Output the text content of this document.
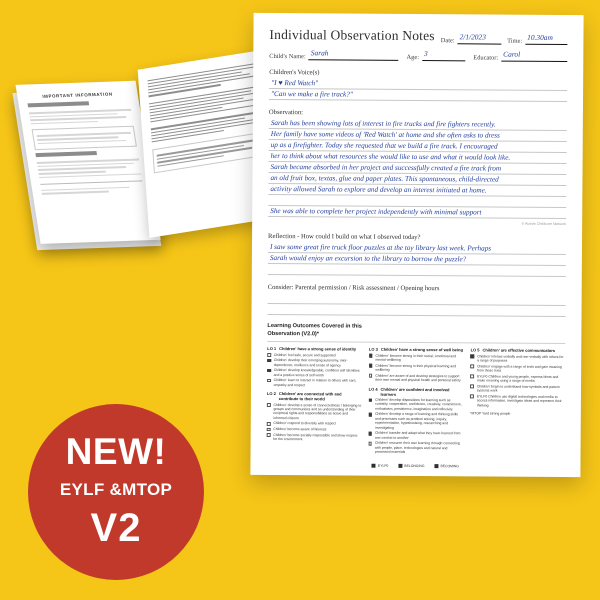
IMPORTANT INFORMATION
Individual Observation Notes Date: 2/1/2023	Time: 10.30am
Child's Name: Sarah
Age: 3	Educator: Carol
Children's Voice(s)
"I ♥ Red Watch"
"Can we make a fire track?"
Observation:
Sarah has been showing lots of interest in fire trucks and fire fighters recently.
Her family have some videos of 'Red Watch' at home and she often asks to dress
up as a firefighter. Today she requested that we build a fire track. I encouraged
her to think about what resources she would like to use and what it would look like.
Sarah became absorbed in her project and successfully created a fire track from
an old fruit box, textas, glue and paper plates. This spontaneous, child-directed
activity allowed Sarah to explore and develop an interest initiated at home.
She was able to complete her project independently with minimal support
© Aussie Childcare Network
Reflection - How could I build on what I observed today?
I saw some great fire truck floor puzzles at the toy library last week. Perhaps
Sarah would enjoy an excursion to the library to borrow the puzzle?
Consider: Parental permission / Risk assessment / Opening hours
Learning Outcomes Covered in this Observation (V2.0)*
LO 1 Children' have a strong sense of identity
Children' feel safe, secure and supported
Children' develop their emerging autonomy, inter-dependence, resilience and sense of agency
Children' develop knowledgeable, confident self identities and a positive sense of self worth
Children' learn to interact in relation to others with care, empathy and respect
LO 2 Children' are connected with and contribute to their world
Children' develop a sense of connectedness / belonging to groups and communities and an understanding of their reciprocal rights and responsibilities as active and informed citizens
Children' respond to diversity with respect
Children' become aware of fairness
Children' become socially responsible and show respect for the environment
LO 3 Children' have a strong sense of well being
Children' become strong in their social, emotional and mental wellbeing
Children' become strong in their physical learning and wellbeing
Children' are aware of and develop strategies to support their own mental and physical health and personal safety
LO 4 Children' are confident and involved learners
Children' develop dispositions for learning such as curiosity, cooperation, confidence, creativity, commitment, enthusiasm, persistence, imagination and reflexivity
Children' develop a range of learning and thinking skills and processes such as problem solving, inquiry, experimentation, hypothesising, researching and investigating
Children' transfer and adapt what they have learned from one context to another
Children' resource their own learning through connecting with people, place, technologies and natural and processed materials
LO 5 Children' are effective communicators
Children' interact verbally and non-verbally with others for a range of purposes
Children' engage with a range of texts and gain meaning from these texts
EYLF0 Children and young people, express ideas and make meaning using a range of media
Children' begin to understand how symbols and pattern systems work
EYLF0 Children use digital technologies and media to access information, investigate ideas and represent their thinking
*MTOP Yard strong people
EYLF0	BELONGING	BECOMING
NEW!
EYLF &MTOP
V2
